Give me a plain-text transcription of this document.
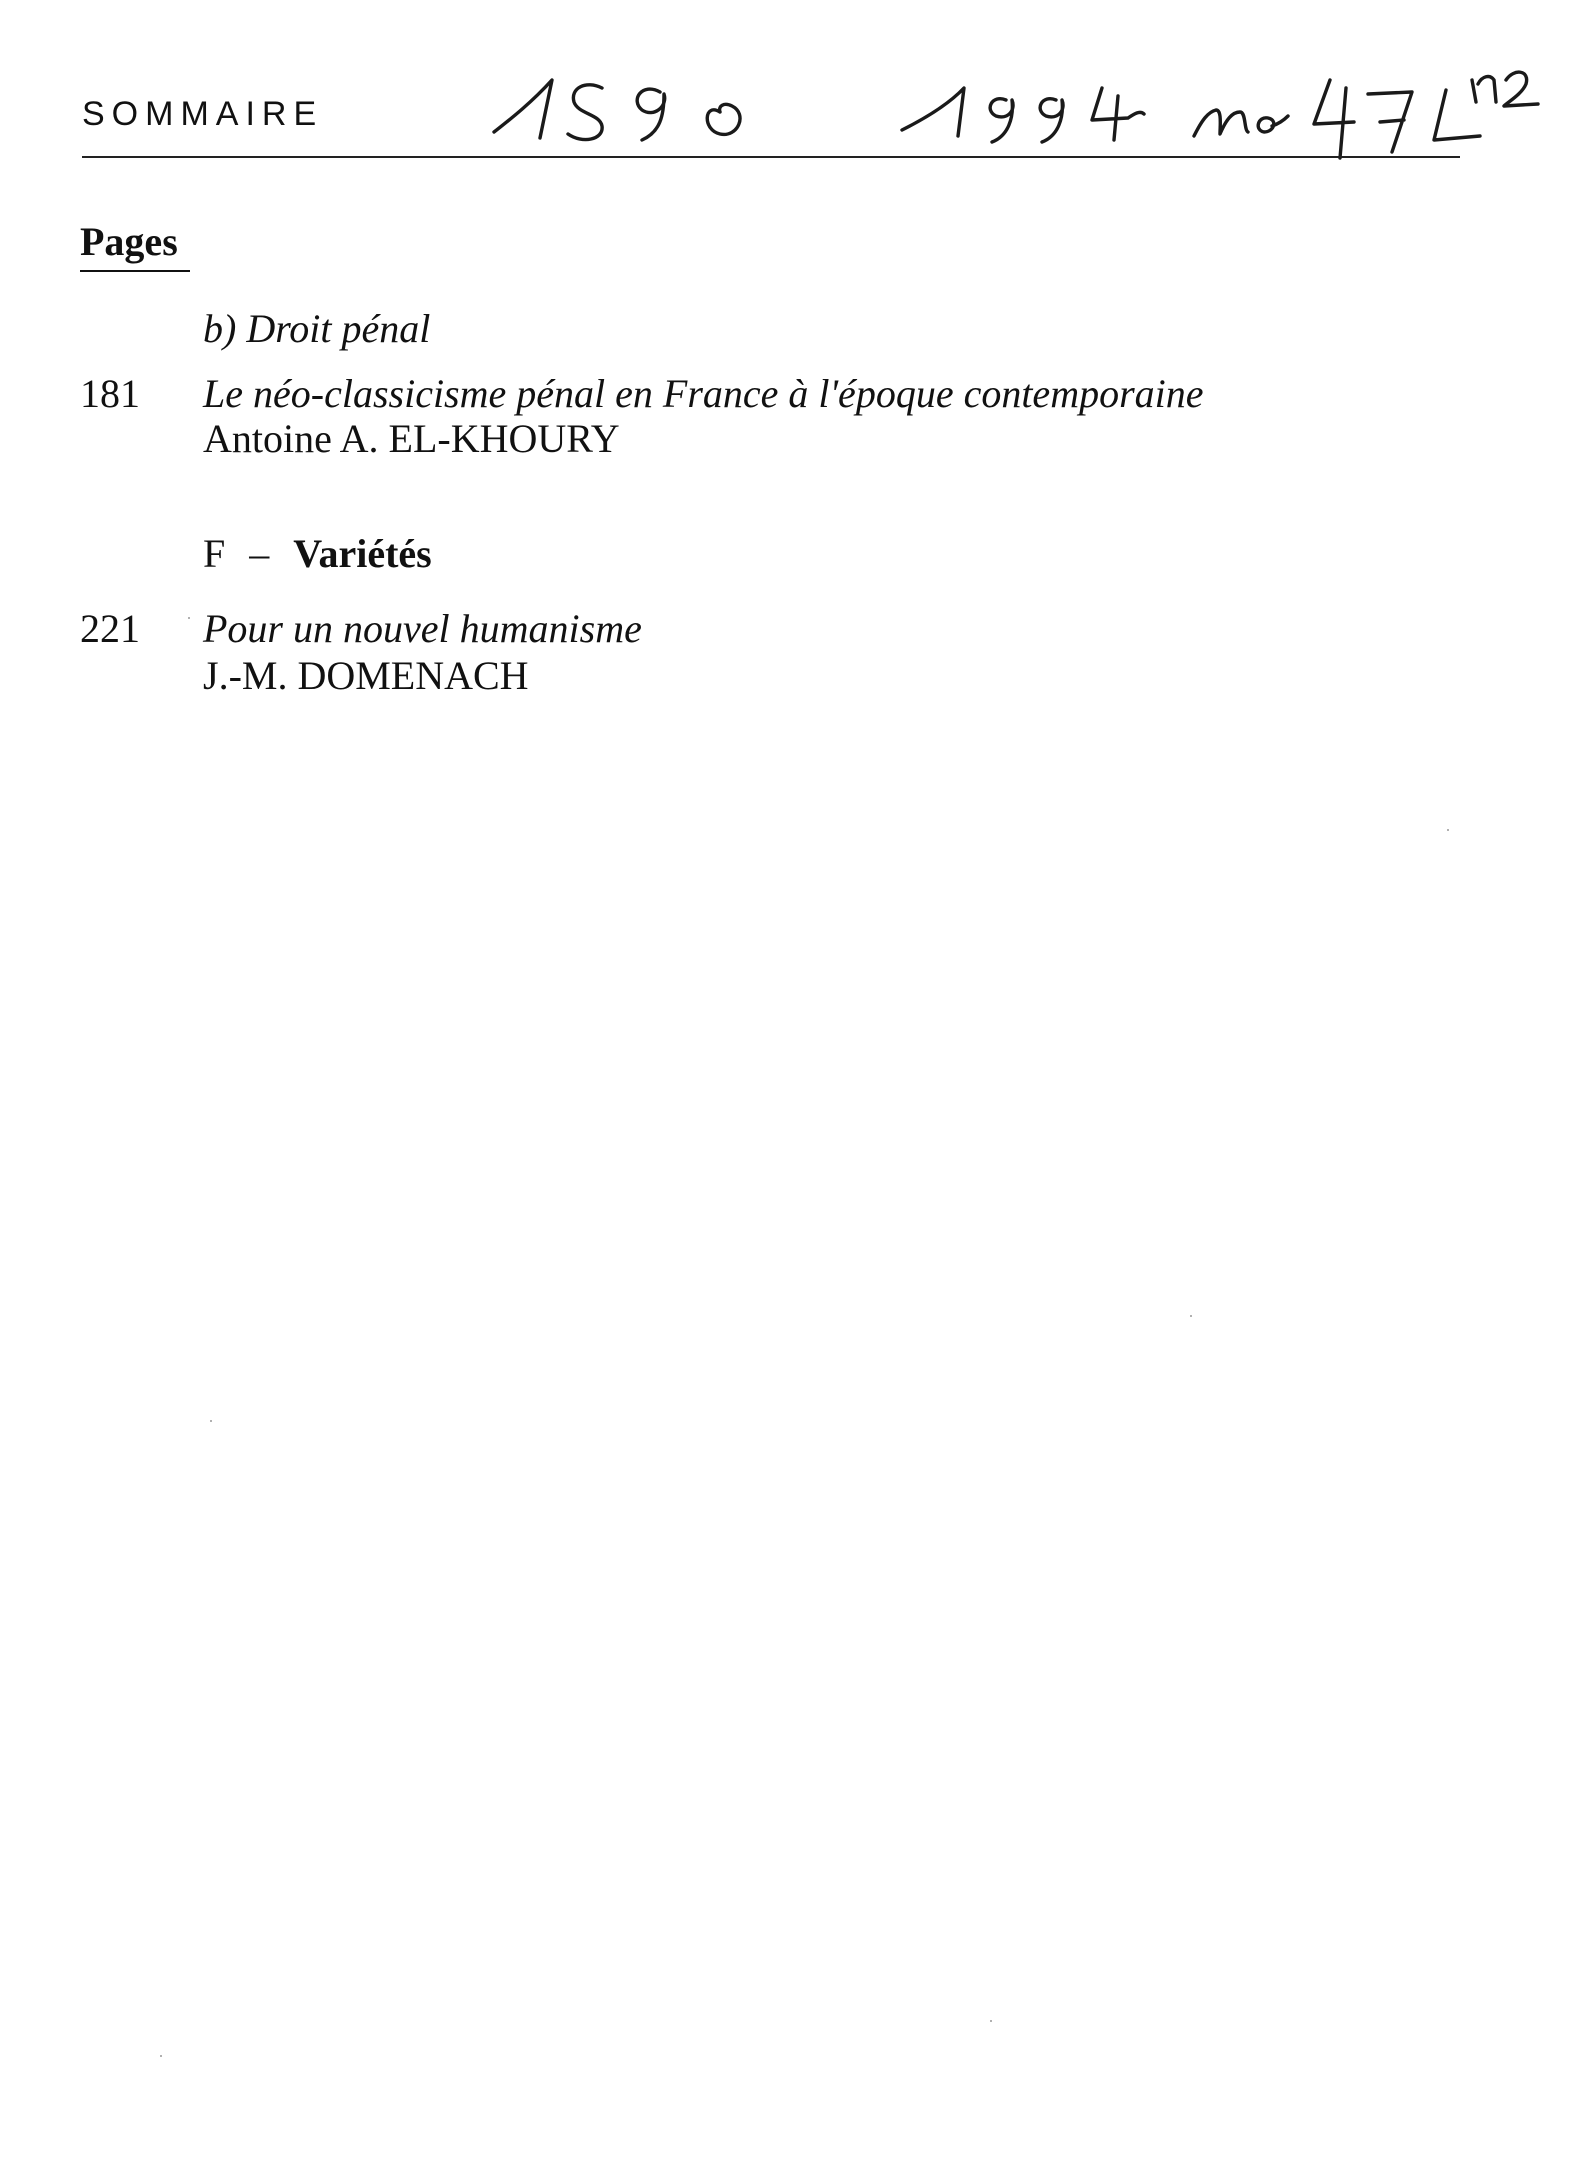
SOMMAIRE
Pages
b) Droit pénal
181 Le néo-classicisme pénal en France à l'époque contemporaine
Antoine A. EL-KHOURY
F – Variétés
221 Pour un nouvel humanisme
J.-M. DOMENACH
